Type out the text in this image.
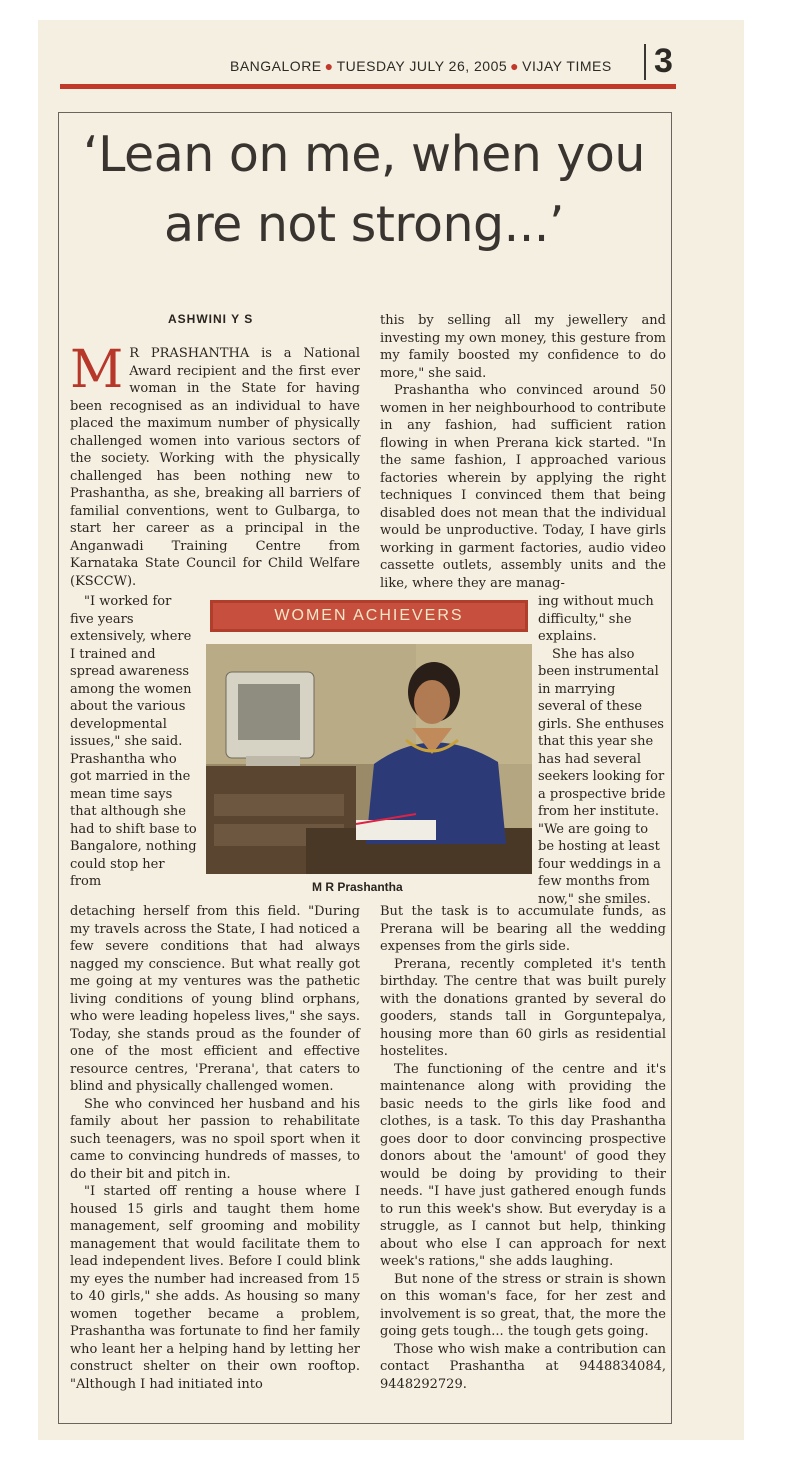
BANGALORE ● TUESDAY JULY 26, 2005 ● VIJAY TIMES 3
‘Lean on me, when you
are not strong...’
ASHWINI Y S
M R PRASHANTHA is a National Award recipient and the first ever woman in the State for having been recognised as an individual to have placed the maximum number of physically challenged women into various sectors of the society. Working with the physically challenged has been nothing new to Prashantha, as she, breaking all barriers of familial conventions, went to Gulbarga, to start her career as a principal in the Anganwadi Training Centre from Karnataka State Council for Child Welfare (KSCCW).

"I worked for five years extensively, where I trained and spread awareness among the women about the various developmental issues," she said. Prashantha who got married in the mean time says that although she had to shift base to Bangalore, nothing could stop her from

detaching herself from this field. "During my travels across the State, I had noticed a few severe conditions that had always nagged my conscience. But what really got me going at my ventures was the pathetic living conditions of young blind orphans, who were leading hopeless lives," she says. Today, she stands proud as the founder of one of the most efficient and effective resource centres, 'Prerana', that caters to blind and physically challenged women.

She who convinced her husband and his family about her passion to rehabilitate such teenagers, was no spoil sport when it came to convincing hundreds of masses, to do their bit and pitch in.

"I started off renting a house where I housed 15 girls and taught them home management, self grooming and mobility management that would facilitate them to lead independent lives. Before I could blink my eyes the number had increased from 15 to 40 girls," she adds. As housing so many women together became a problem, Prashantha was fortunate to find her family who leant her a helping hand by letting her construct shelter on their own rooftop. "Although I had initiated into

this by selling all my jewellery and investing my own money, this gesture from my family boosted my confidence to do more," she said.

Prashantha who convinced around 50 women in her neighbourhood to contribute in any fashion, had sufficient ration flowing in when Prerana kick started. "In the same fashion, I approached various factories wherein by applying the right techniques I convinced them that being disabled does not mean that the individual would be unproductive. Today, I have girls working in garment factories, audio video cassette outlets, assembly units and the like, where they are manag-

ing without much difficulty," she explains.

She has also been instrumental in marrying several of these girls. She enthuses that this year she has had several seekers looking for a prospective bride from her institute. "We are going to be hosting at least four weddings in a few months from now," she smiles.

But the task is to accumulate funds, as Prerana will be bearing all the wedding expenses from the girls side.

Prerana, recently completed it's tenth birthday. The centre that was built purely with the donations granted by several do gooders, stands tall in Gorguntepalya, housing more than 60 girls as residential hostelites.

The functioning of the centre and it's maintenance along with providing the basic needs to the girls like food and clothes, is a task. To this day Prashantha goes door to door convincing prospective donors about the 'amount' of good they would be doing by providing to their needs. "I have just gathered enough funds to run this week's show. But everyday is a struggle, as I cannot but help, thinking about who else I can approach for next week's rations," she adds laughing.

But none of the stress or strain is shown on this woman's face, for her zest and involvement is so great, that, the more the going gets tough... the tough gets going.

Those who wish make a contribution can contact Prashantha at 9448834084, 9448292729.

WOMEN ACHIEVERS
M R Prashantha
